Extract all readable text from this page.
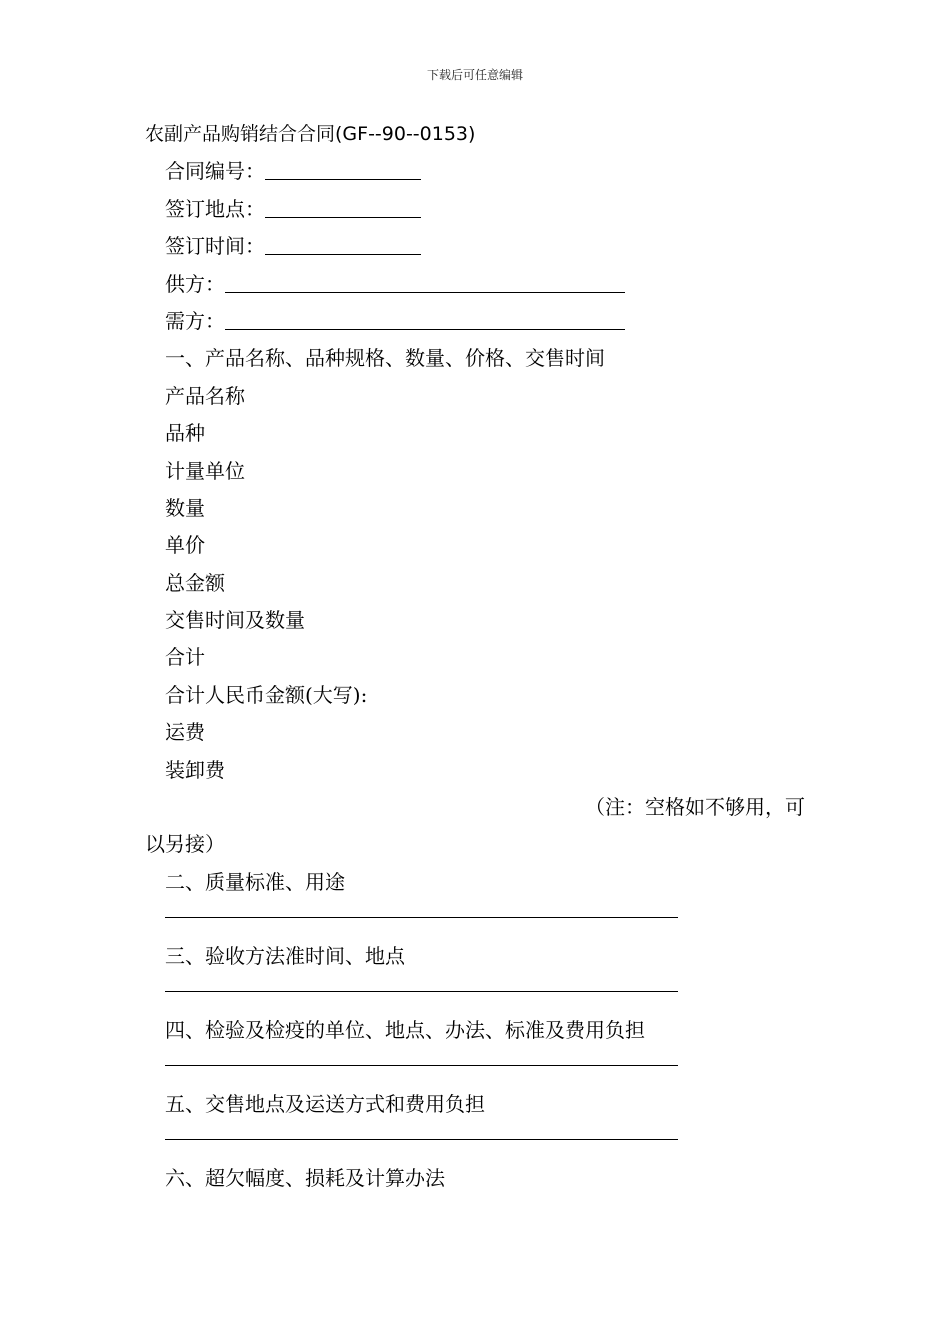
下载后可任意编辑
农副产品购销结合合同(GF--90--0153)
合同编号：
签订地点：
签订时间：
供方：
需方：
一、产品名称、品种规格、数量、价格、交售时间
产品名称
品种
计量单位
数量
单价
总金额
交售时间及数量
合计
合计人民币金额(大写):
运费
装卸费
（注：空格如不够用，可
以另接）
二、质量标准、用途
三、验收方法准时间、地点
四、检验及检疫的单位、地点、办法、标准及费用负担
五、交售地点及运送方式和费用负担
六、超欠幅度、损耗及计算办法
